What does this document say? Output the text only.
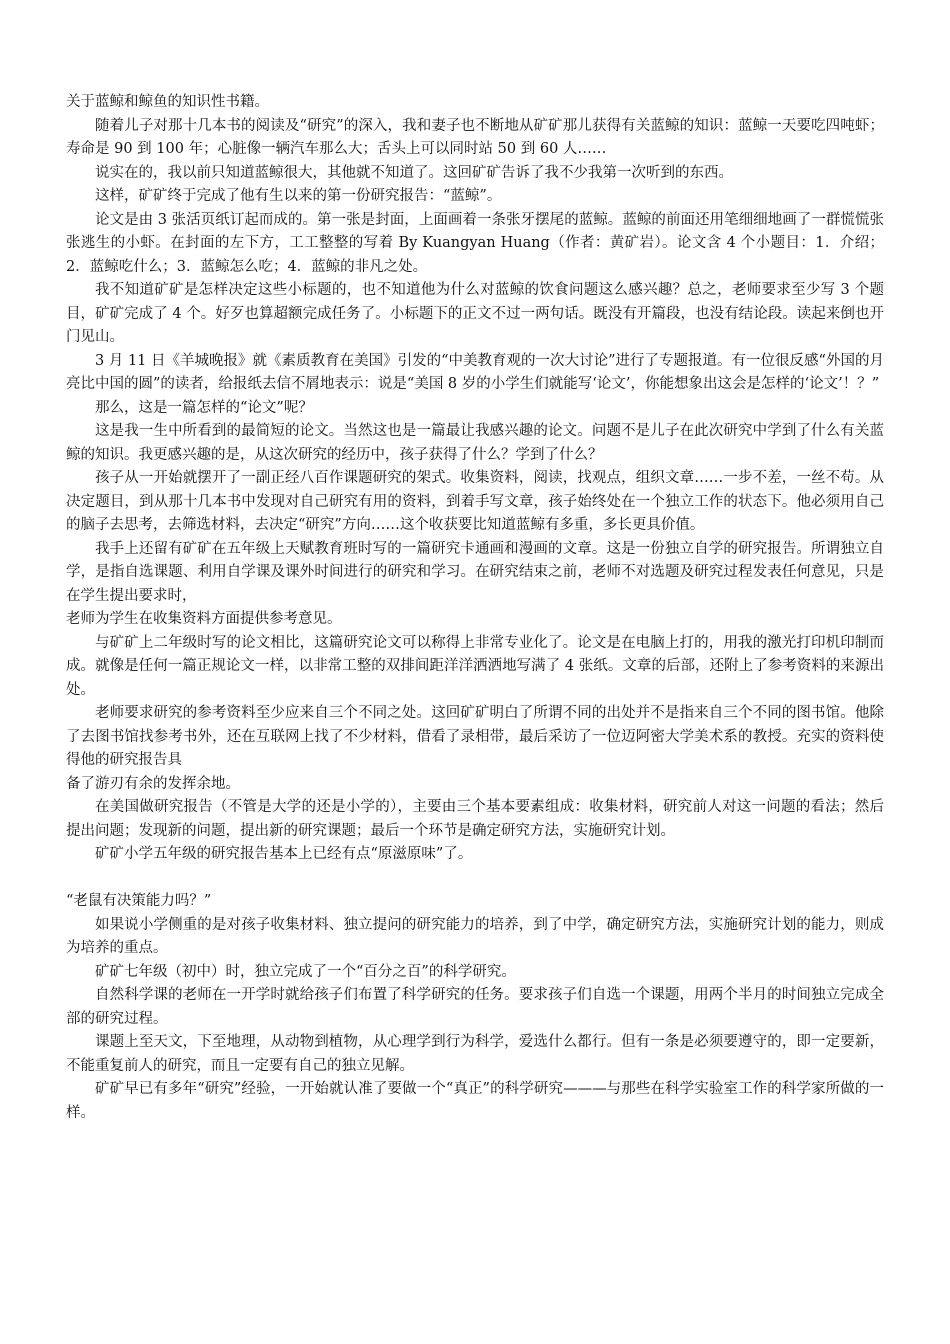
关于蓝鲸和鲸鱼的知识性书籍。

随着儿子对那十几本书的阅读及“研究”的深入，我和妻子也不断地从矿矿那儿获得有关蓝鲸的知识：蓝鲸一天要吃四吨虾；寿命是 90 到 100 年；心脏像一辆汽车那么大；舌头上可以同时站 50 到 60 人……

说实在的，我以前只知道蓝鲸很大，其他就不知道了。这回矿矿告诉了我不少我第一次听到的东西。

这样，矿矿终于完成了他有生以来的第一份研究报告：“蓝鲸”。

论文是由 3 张活页纸订起而成的。第一张是封面，上面画着一条张牙摆尾的蓝鲸。蓝鲸的前面还用笔细细地画了一群慌慌张张逃生的小虾。在封面的左下方，工工整整的写着 By Kuangyan Huang（作者：黄矿岩）。论文含 4 个小题目：1．介绍；2．蓝鲸吃什么；3．蓝鲸怎么吃；4．蓝鲸的非凡之处。

我不知道矿矿是怎样决定这些小标题的，也不知道他为什么对蓝鲸的饮食问题这么感兴趣？总之，老师要求至少写 3 个题目，矿矿完成了 4 个。好歹也算超额完成任务了。小标题下的正文不过一两句话。既没有开篇段，也没有结论段。读起来倒也开门见山。

3 月 11 日《羊城晚报》就《素质教育在美国》引发的“中美教育观的一次大讨论”进行了专题报道。有一位很反感“外国的月亮比中国的圆”的读者，给报纸去信不屑地表示：说是“美国 8 岁的小学生们就能写‘论文’，你能想象出这会是怎样的‘论文’！？”

那么，这是一篇怎样的“论文”呢？

这是我一生中所看到的最简短的论文。当然这也是一篇最让我感兴趣的论文。问题不是儿子在此次研究中学到了什么有关蓝鲸的知识。我更感兴趣的是，从这次研究的经历中，孩子获得了什么？学到了什么？

孩子从一开始就摆开了一副正经八百作课题研究的架式。收集资料，阅读，找观点，组织文章……一步不差，一丝不苟。从决定题目，到从那十几本书中发现对自己研究有用的资料，到着手写文章，孩子始终处在一个独立工作的状态下。他必须用自己的脑子去思考，去筛选材料，去决定“研究”方向……这个收获要比知道蓝鲸有多重，多长更具价值。

我手上还留有矿矿在五年级上天赋教育班时写的一篇研究卡通画和漫画的文章。这是一份独立自学的研究报告。所谓独立自学，是指自选课题、利用自学课及课外时间进行的研究和学习。在研究结束之前，老师不对选题及研究过程发表任何意见，只是在学生提出要求时，

老师为学生在收集资料方面提供参考意见。

与矿矿上二年级时写的论文相比，这篇研究论文可以称得上非常专业化了。论文是在电脑上打的，用我的激光打印机印制而成。就像是任何一篇正规论文一样，以非常工整的双排间距洋洋洒洒地写满了 4 张纸。文章的后部，还附上了参考资料的来源出处。

老师要求研究的参考资料至少应来自三个不同之处。这回矿矿明白了所谓不同的出处并不是指来自三个不同的图书馆。他除了去图书馆找参考书外，还在互联网上找了不少材料，借看了录相带，最后采访了一位迈阿密大学美术系的教授。充实的资料使得他的研究报告具

备了游刃有余的发挥余地。

在美国做研究报告（不管是大学的还是小学的），主要由三个基本要素组成：收集材料，研究前人对这一问题的看法；然后提出问题；发现新的问题，提出新的研究课题；最后一个环节是确定研究方法，实施研究计划。

矿矿小学五年级的研究报告基本上已经有点“原滋原味”了。

“老鼠有决策能力吗？”

如果说小学侧重的是对孩子收集材料、独立提问的研究能力的培养，到了中学，确定研究方法，实施研究计划的能力，则成为培养的重点。

矿矿七年级（初中）时，独立完成了一个“百分之百”的科学研究。

自然科学课的老师在一开学时就给孩子们布置了科学研究的任务。要求孩子们自选一个课题，用两个半月的时间独立完成全部的研究过程。

课题上至天文，下至地理，从动物到植物，从心理学到行为科学，爱选什么都行。但有一条是必须要遵守的，即一定要新，不能重复前人的研究，而且一定要有自己的独立见解。

矿矿早已有多年“研究”经验，一开始就认准了要做一个“真正”的科学研究———与那些在科学实验室工作的科学家所做的一样。
